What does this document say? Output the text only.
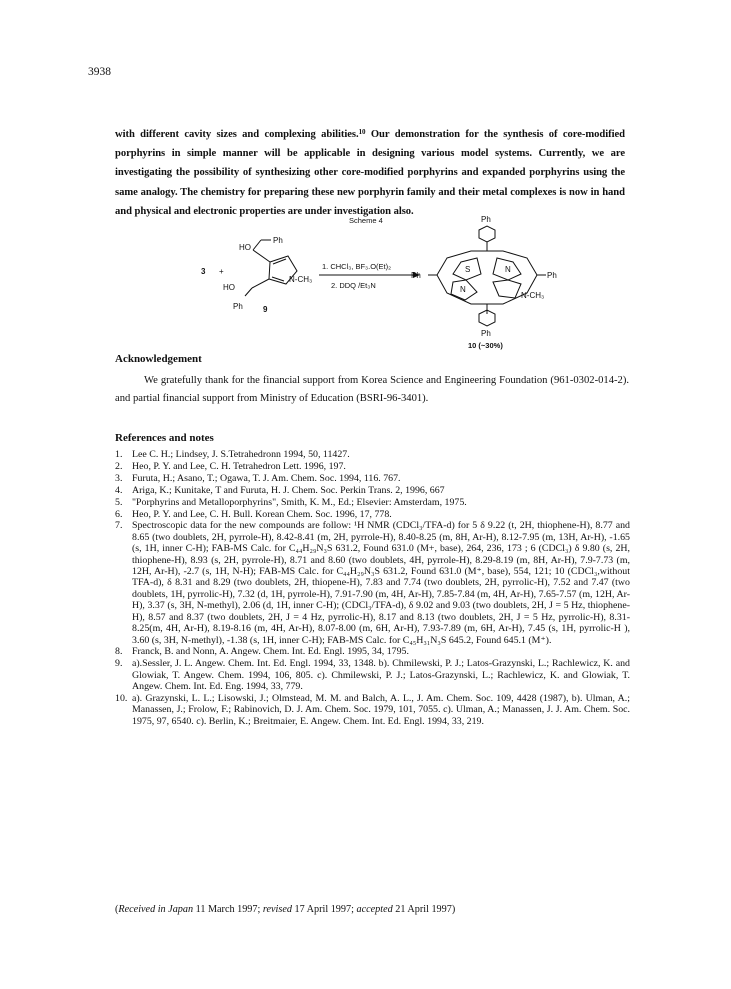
3938

with different cavity sizes and complexing abilities.$^{10}$ Our demonstration for the synthesis of core-modified porphyrins in simple manner will be applicable in designing various model systems. Currently, we are investigating the possibility of synthesizing other core-modified porphyrins and expanded porphyrins using the same analogy. The chemistry for preparing these new porphyrin family and their metal complexes is now in hand and physical and electronic properties are under investigation also.

Scheme 4
3 +
HO
Ph
HO
N-CH₃
Ph	9
1. CHCl₃, BF₃.O(Et)₂
2. DDQ /Et₃N
Ph
Ph	Ph
Ph
S	N
N
N-CH₃
10 (~30%)
Acknowledgement

We gratefully thank for the financial support from Korea Science and Engineering Foundation (961-0302-014-2). and partial financial support from Ministry of Education (BSRI-96-3401).

References and notes
1. Lee C. H.; Lindsey, J. S.Tetrahedronn 1994, 50, 11427.
2. Heo, P. Y. and Lee, C. H. Tetrahedron Lett. 1996, 197.
3. Furuta, H.; Asano, T.; Ogawa, T. J. Am. Chem. Soc. 1994, 116. 767.
4. Ariga, K.; Kunitake, T and Furuta, H. J. Chem. Soc. Perkin Trans. 2, 1996, 667
5. "Porphyrins and Metalloporphyrins", Smith, K. M., Ed.; Elsevier: Amsterdam, 1975.
6. Heo, P. Y. and Lee, C. H. Bull. Korean Chem. Soc. 1996, 17, 778.
7. Spectroscopic data for the new compounds are follow: ¹H NMR (CDCl₃/TFA-d) for 5 δ 9.22 (t, 2H, thiophene-H), 8.77 and 8.65 (two doublets, 2H, pyrrole-H), 8.42-8.41 (m, 2H, pyrrole-H), 8.40-8.25 (m, 8H, Ar-H), 8.12-7.95 (m, 13H, Ar-H), -1.65 (s, 1H, inner C-H); FAB-MS Calc. for C₄₄H₂₉N₃S 631.2, Found 631.0 (M+, base), 264, 236, 173 ; 6 (CDCl₃) δ 9.80 (s, 2H, thiophene-H), 8.93 (s, 2H, pyrrole-H), 8.71 and 8.60 (two doublets, 4H, pyrrole-H), 8.29-8.19 (m, 8H, Ar-H), 7.9-7.73 (m, 12H, Ar-H), -2.7 (s, 1H, N-H); FAB-MS Calc. for C₄₄H₂₉N₃S 631.2, Found 631.0 (M⁺, base), 554, 121; 10 (CDCl₃,without TFA-d), δ 8.31 and 8.29 (two doublets, 2H, thiopene-H), 7.83 and 7.74 (two doublets, 2H, pyrrolic-H), 7.52 and 7.47 (two doublets, 1H, pyrrolic-H), 7.32 (d, 1H, pyrrole-H), 7.91-7.90 (m, 4H, Ar-H), 7.85-7.84 (m, 4H, Ar-H), 7.65-7.57 (m, 12H, Ar-H), 3.37 (s, 3H, N-methyl), 2.06 (d, 1H, inner C-H); (CDCl₃/TFA-d), δ 9.02 and 9.03 (two doublets, 2H, J = 5 Hz, thiophene-H), 8.57 and 8.37 (two doublets, 2H, J = 4 Hz, pyrrolic-H), 8.17 and 8.13 (two doublets, 2H, J = 5 Hz, pyrrolic-H), 8.31-8.25(m, 4H, Ar-H), 8.19-8.16 (m, 4H, Ar-H), 8.07-8.00 (m, 6H, Ar-H), 7.93-7.89 (m, 6H, Ar-H), 7.45 (s, 1H, pyrrolic-H ), 3.60 (s, 3H, N-methyl), -1.38 (s, 1H, inner C-H); FAB-MS Calc. for C₄₅H₃₁N₃S 645.2, Found 645.1 (M⁺).
8. Franck, B. and Nonn, A. Angew. Chem. Int. Ed. Engl. 1995, 34, 1795.
9. a).Sessler, J. L. Angew. Chem. Int. Ed. Engl. 1994, 33, 1348. b). Chmilewski, P. J.; Latos-Grazynski, L.; Rachlewicz, K. and Glowiak, T. Angew. Chem. 1994, 106, 805. c). Chmilewski, P. J.; Latos-Grazynski, L.; Rachlewicz, K. and Glowiak, T. Angew. Chem. Int. Ed. Eng. 1994, 33, 779.
10. a). Grazynski, L. L.; Lisowski, J.; Olmstead, M. M. and Balch, A. L., J. Am. Chem. Soc. 109, 4428 (1987), b). Ulman, A.; Manassen, J.; Frolow, F.; Rabinovich, D. J. Am. Chem. Soc. 1979, 101, 7055. c). Ulman, A.; Manassen, J. J. Am. Chem. Soc. 1975, 97, 6540. c). Berlin, K.; Breitmaier, E. Angew. Chem. Int. Ed. Engl. 1994, 33, 219.
(Received in Japan 11 March 1997; revised 17 April 1997; accepted 21 April 1997)
